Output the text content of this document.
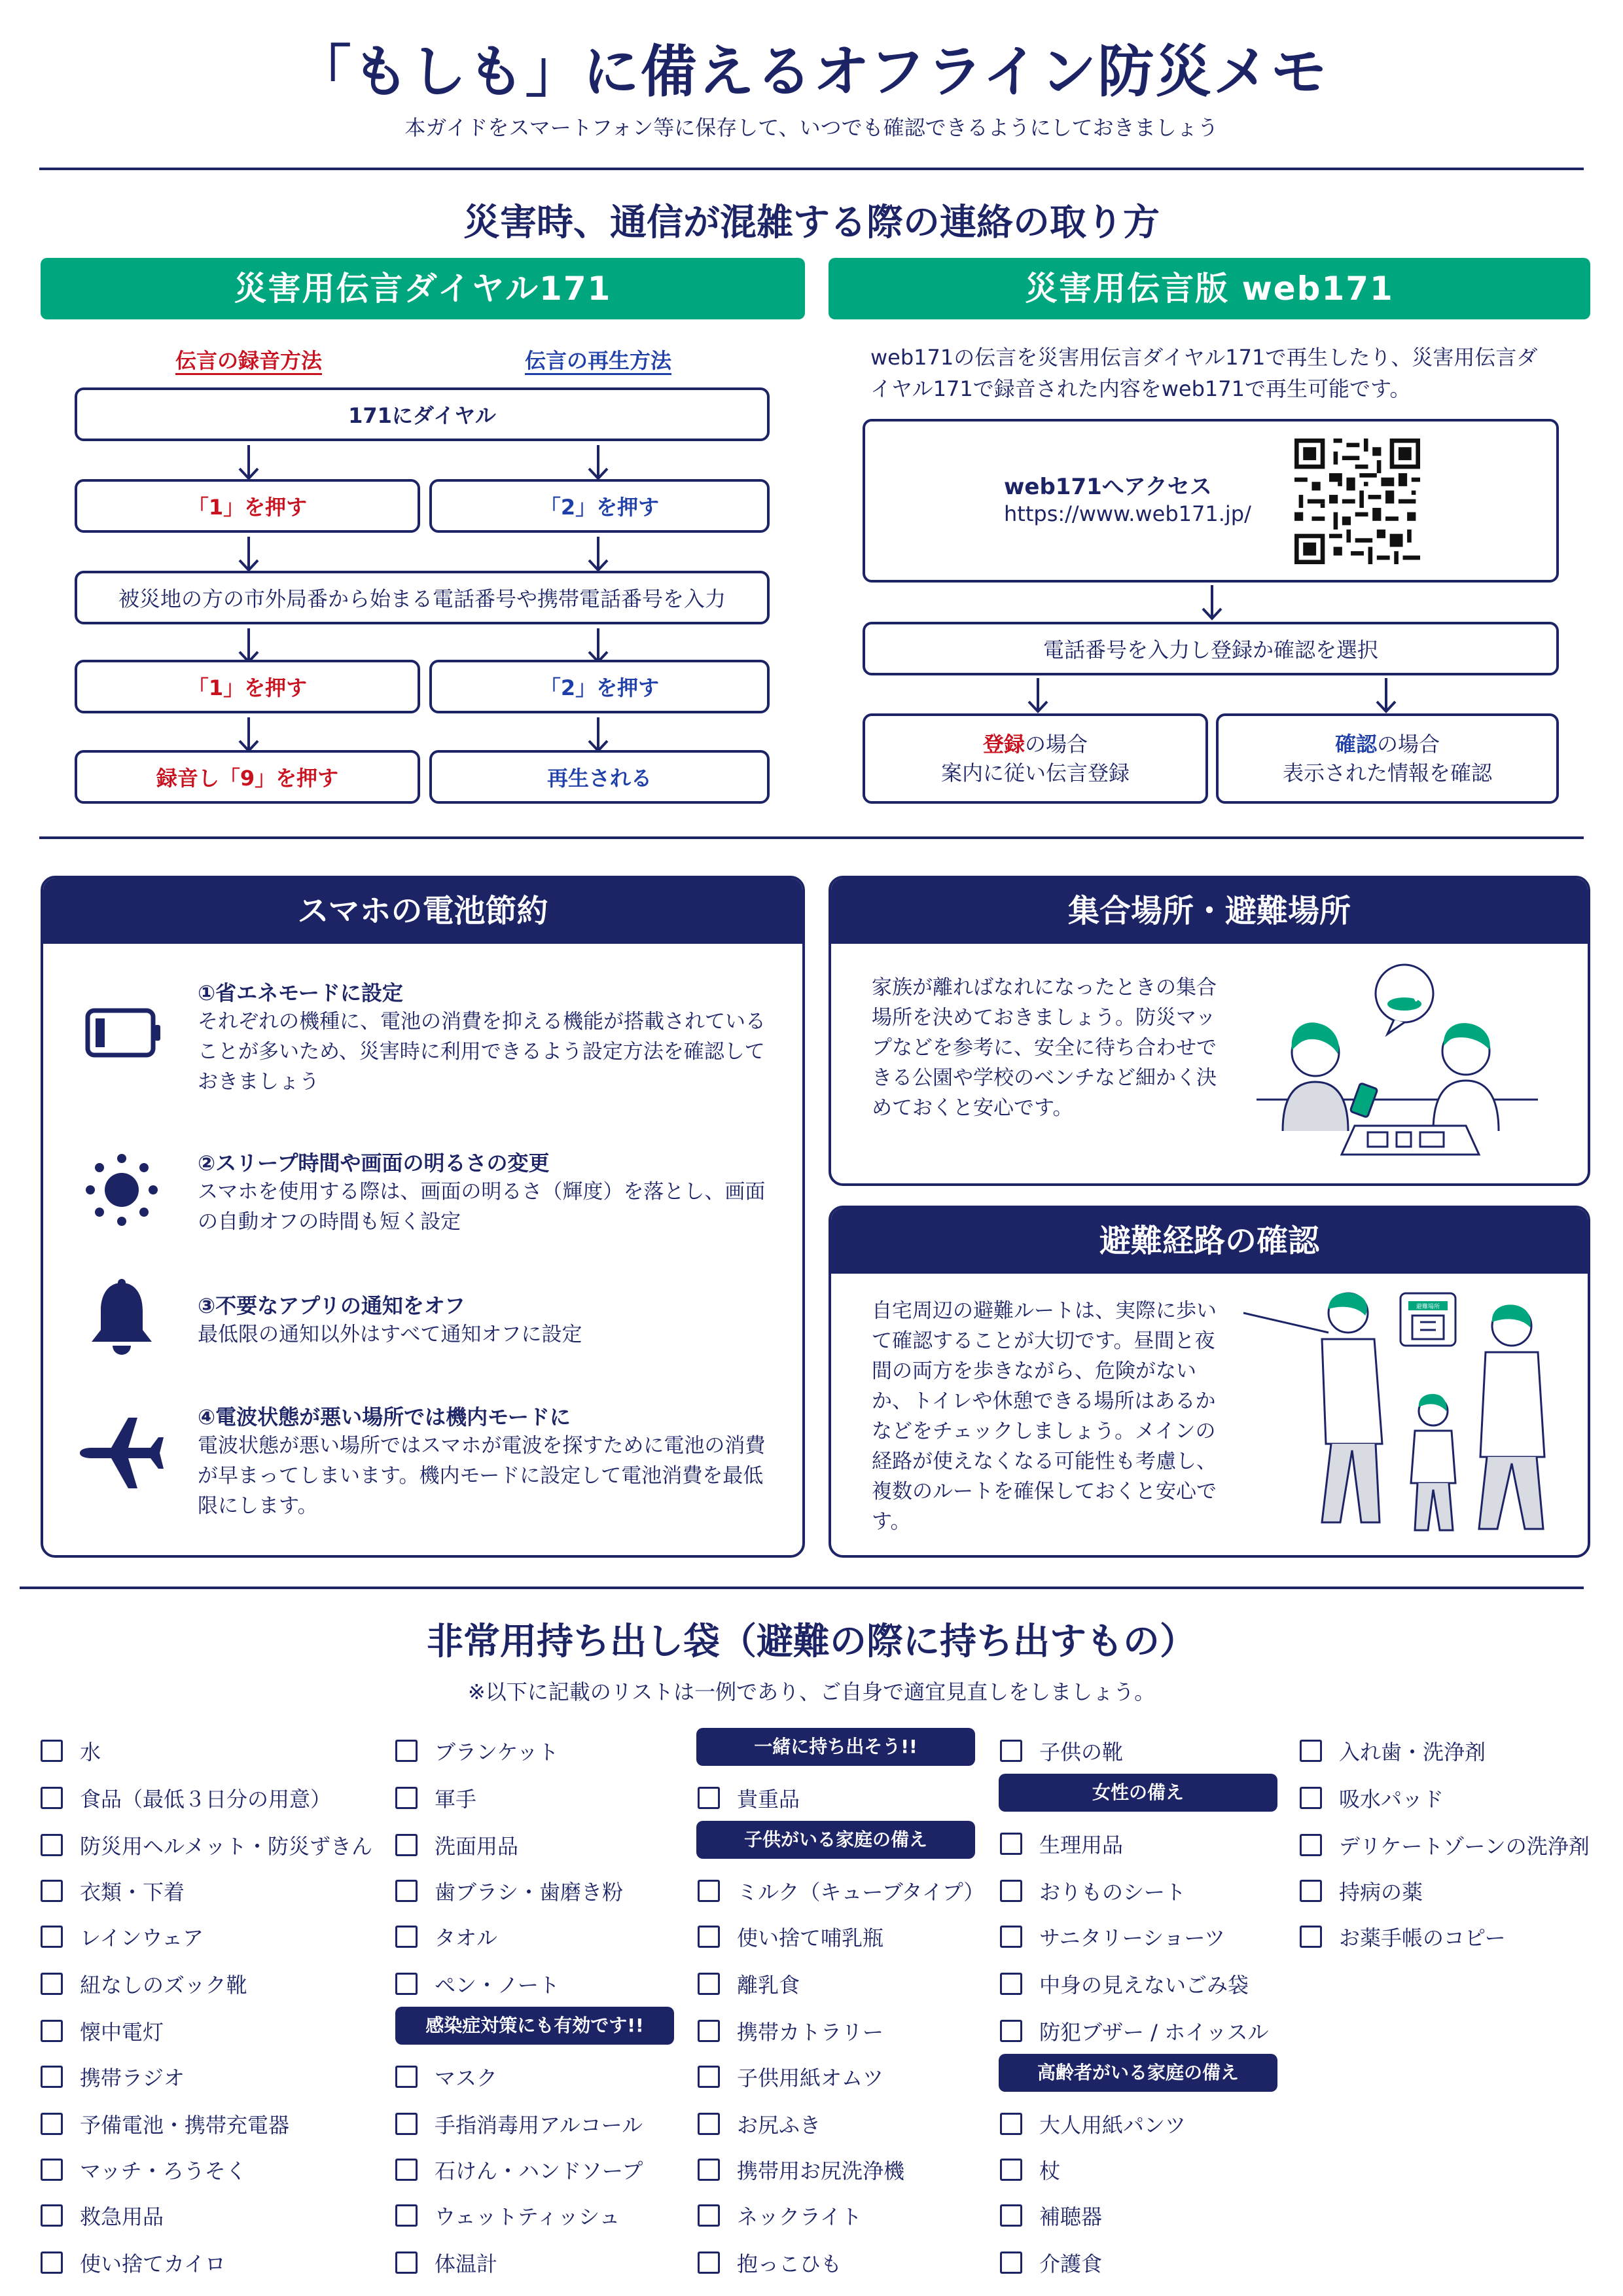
「もしも」に備えるオフライン防災メモ
本ガイドをスマートフォン等に保存して、いつでも確認できるようにしておきましょう
災害時、通信が混雑する際の連絡の取り方
災害用伝言ダイヤル171
伝言の録音方法	伝言の再生方法
171にダイヤル
「1」を押す	「2」を押す
被災地の方の市外局番から始まる電話番号や携帯電話番号を入力
「1」を押す	「2」を押す
録音し「9」を押す	再生される
災害用伝言版 web171
web171の伝言を災害用伝言ダイヤル171で再生したり、災害用伝言ダイヤル171で録音された内容をweb171で再生可能です。
web171へアクセス
https://www.web171.jp/
電話番号を入力し登録か確認を選択
登録の場合
案内に従い伝言登録
確認の場合
表示された情報を確認
スマホの電池節約
①省エネモードに設定
それぞれの機種に、電池の消費を抑える機能が搭載されていることが多いため、災害時に利用できるよう設定方法を確認しておきましょう
②スリープ時間や画面の明るさの変更
スマホを使用する際は、画面の明るさ（輝度）を落とし、画面の自動オフの時間も短く設定
③不要なアプリの通知をオフ
最低限の通知以外はすべて通知オフに設定
④電波状態が悪い場所では機内モードに
電波状態が悪い場所ではスマホが電波を探すために電池の消費が早まってしまいます。機内モードに設定して電池消費を最低限にします。
集合場所・避難場所
家族が離ればなれになったときの集合場所を決めておきましょう。防災マップなどを参考に、安全に待ち合わせできる公園や学校のベンチなど細かく決めておくと安心です。
避難経路の確認
自宅周辺の避難ルートは、実際に歩いて確認することが大切です。昼間と夜間の両方を歩きながら、危険がないか、トイレや休憩できる場所はあるかなどをチェックしましょう。メインの経路が使えなくなる可能性も考慮し、複数のルートを確保しておくと安心です。
避難場所
非常用持ち出し袋（避難の際に持ち出すもの）
※以下に記載のリストは一例であり、ご自身で適宜見直しをしましょう。
水
食品（最低３日分の用意）
防災用ヘルメット・防災ずきん
衣類・下着
レインウェア
紐なしのズック靴
懐中電灯
携帯ラジオ
予備電池・携帯充電器
マッチ・ろうそく
救急用品
使い捨てカイロ
ブランケット
軍手
洗面用品
歯ブラシ・歯磨き粉
タオル
ペン・ノート
感染症対策にも有効です!!
マスク
手指消毒用アルコール
石けん・ハンドソープ
ウェットティッシュ
体温計
一緒に持ち出そう!!
貴重品
子供がいる家庭の備え
ミルク（キューブタイプ）
使い捨て哺乳瓶
離乳食
携帯カトラリー
子供用紙オムツ
お尻ふき
携帯用お尻洗浄機
ネックライト
抱っこひも
子供の靴
女性の備え
生理用品
おりものシート
サニタリーショーツ
中身の見えないごみ袋
防犯ブザー / ホイッスル
高齢者がいる家庭の備え
大人用紙パンツ
杖
補聴器
介護食
入れ歯・洗浄剤
吸水パッド
デリケートゾーンの洗浄剤
持病の薬
お薬手帳のコピー
